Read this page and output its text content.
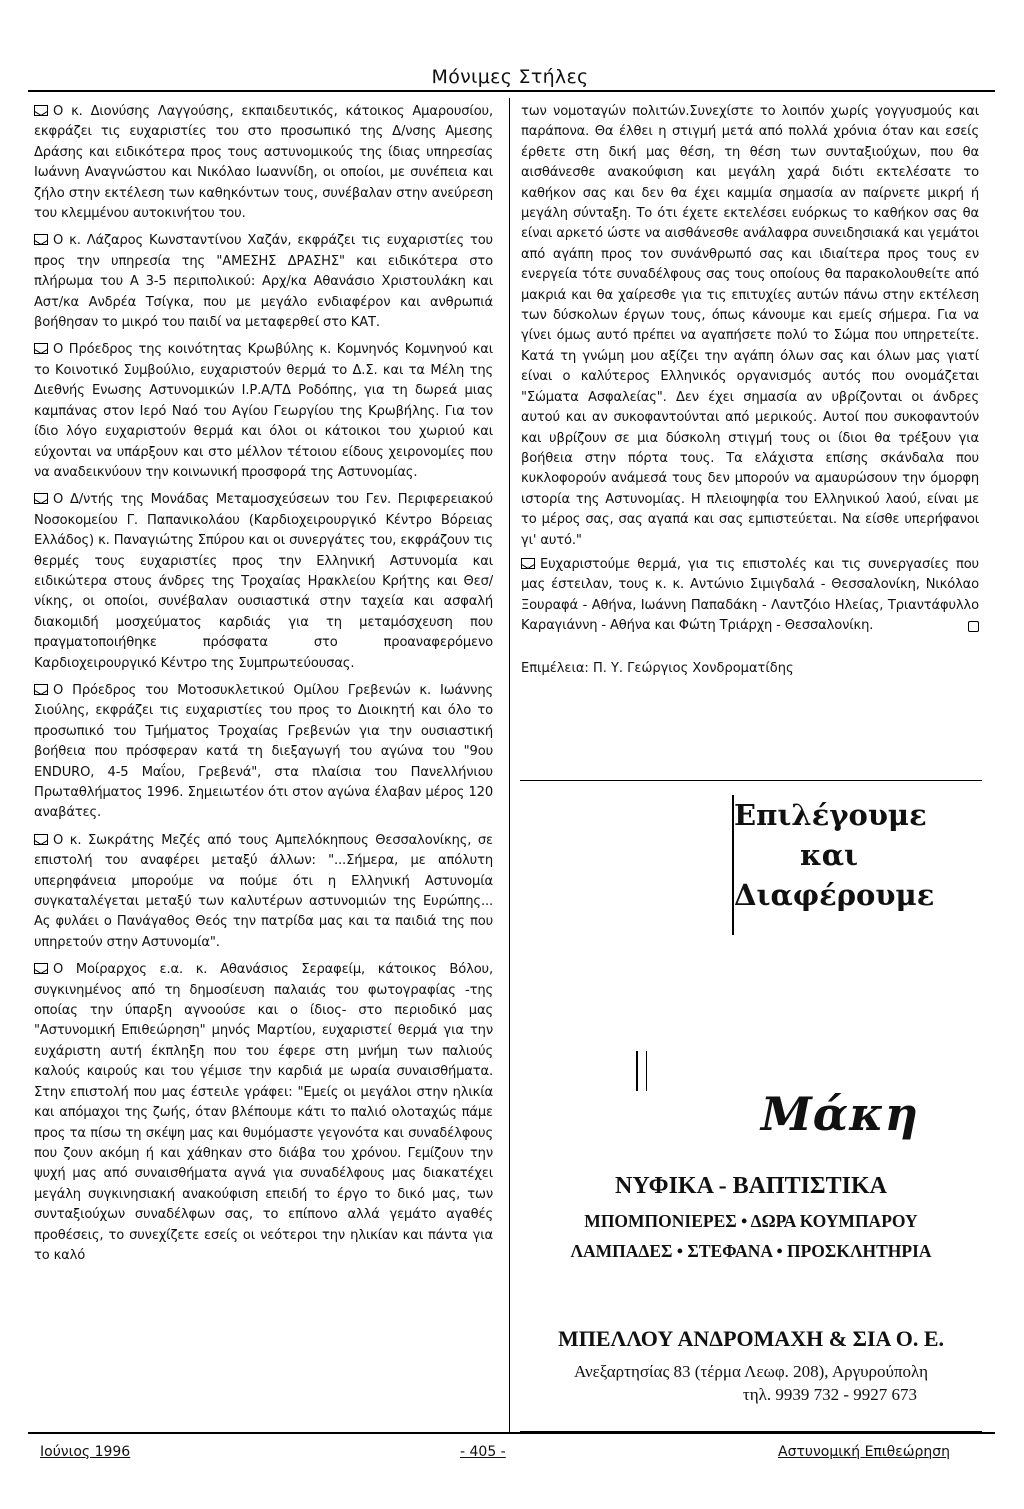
Μόνιμες Στήλες

Ο κ. Διονύσης Λαγγούσης, εκπαιδευτικός, κάτοικος Αμαρουσίου, εκφράζει τις ευχαριστίες του στο προσωπικό της Δ/νσης Αμεσης Δράσης και ειδικότερα προς τους αστυνομικούς της ίδιας υπηρεσίας Ιωάννη Αναγνώστου και Νικόλαο Ιωαννίδη, οι οποίοι, με συνέπεια και ζήλο στην εκτέλεση των καθηκόντων τους, συνέβαλαν στην ανεύρεση του κλεμμένου αυτοκινήτου του.

Ο κ. Λάζαρος Κωνσταντίνου Χαζάν, εκφράζει τις ευχαριστίες του προς την υπηρεσία της "ΑΜΕΣΗΣ ΔΡΑΣΗΣ" και ειδικότερα στο πλήρωμα του Α 3-5 περιπολικού: Αρχ/κα Αθανάσιο Χριστουλάκη και Αστ/κα Ανδρέα Τσίγκα, που με μεγάλο ενδιαφέρον και ανθρωπιά βοήθησαν το μικρό του παιδί να μεταφερθεί στο ΚΑΤ.

Ο Πρόεδρος της κοινότητας Κρωβύλης κ. Κομνηνός Κομνηνού και το Κοινοτικό Συμβούλιο, ευχαριστούν θερμά το Δ.Σ. και τα Μέλη της Διεθνής Ενωσης Αστυνομικών Ι.Ρ.Α/ΤΔ Ροδόπης, για τη δωρεά μιας καμπάνας στον Ιερό Ναό του Αγίου Γεωργίου της Κρωβήλης. Για τον ίδιο λόγο ευχαριστούν θερμά και όλοι οι κάτοικοι του χωριού και εύχονται να υπάρξουν και στο μέλλον τέτοιου είδους χειρονομίες που να αναδεικνύουν την κοινωνική προσφορά της Αστυνομίας.

Ο Δ/ντής της Μονάδας Μεταμοσχεύσεων του Γεν. Περιφερειακού Νοσοκομείου Γ. Παπανικολάου (Καρδιοχειρουργικό Κέντρο Βόρειας Ελλάδος) κ. Παναγιώτης Σπύρου και οι συνεργάτες του, εκφράζουν τις θερμές τους ευχαριστίες προς την Ελληνική Αστυνομία και ειδικώτερα στους άνδρες της Τροχαίας Ηρακλείου Κρήτης και Θεσ/νίκης, οι οποίοι, συνέβαλαν ουσιαστικά στην ταχεία και ασφαλή διακομιδή μοσχεύματος καρδιάς για τη μεταμόσχευση που πραγματοποιήθηκε πρόσφατα στο προαναφερόμενο Καρδιοχειρουργικό Κέντρο της Συμπρωτεύουσας.

Ο Πρόεδρος του Μοτοσυκλετικού Ομίλου Γρεβενών κ. Ιωάννης Σιούλης, εκφράζει τις ευχαριστίες του προς το Διοικητή και όλο το προσωπικό του Τμήματος Τροχαίας Γρεβενών για την ουσιαστική βοήθεια που πρόσφεραν κατά τη διεξαγωγή του αγώνα του "9ου ENDURO, 4-5 Μαΐου, Γρεβενά", στα πλαίσια του Πανελλήνιου Πρωταθλήματος 1996. Σημειωτέον ότι στον αγώνα έλαβαν μέρος 120 αναβάτες.

Ο κ. Σωκράτης Μεζές από τους Αμπελόκηπους Θεσσαλονίκης, σε επιστολή του αναφέρει μεταξύ άλλων: "...Σήμερα, με απόλυτη υπερηφάνεια μπορούμε να πούμε ότι η Ελληνική Αστυνομία συγκαταλέγεται μεταξύ των καλυτέρων αστυνομιών της Ευρώπης... Ας φυλάει ο Πανάγαθος Θεός την πατρίδα μας και τα παιδιά της που υπηρετούν στην Αστυνομία".

Ο Μοίραρχος ε.α. κ. Αθανάσιος Σεραφείμ, κάτοικος Βόλου, συγκινημένος από τη δημοσίευση παλαιάς του φωτογραφίας -της οποίας την ύπαρξη αγνοούσε και ο ίδιος- στο περιοδικό μας "Αστυνομική Επιθεώρηση" μηνός Μαρτίου, ευχαριστεί θερμά για την ευχάριστη αυτή έκπληξη που του έφερε στη μνήμη των παλιούς καλούς καιρούς και του γέμισε την καρδιά με ωραία συναισθήματα. Στην επιστολή που μας έστειλε γράφει: "Εμείς οι μεγάλοι στην ηλικία και απόμαχοι της ζωής, όταν βλέπουμε κάτι το παλιό ολοταχώς πάμε προς τα πίσω τη σκέψη μας και θυμόμαστε γεγονότα και συναδέλφους που ζουν ακόμη ή και χάθηκαν στο διάβα του χρόνου. Γεμίζουν την ψυχή μας από συναισθήματα αγνά για συναδέλφους μας διακατέχει μεγάλη συγκινησιακή ανακούφιση επειδή το έργο το δικό μας, των συνταξιούχων συναδέλφων σας, το επίπονο αλλά γεμάτο αγαθές προθέσεις, το συνεχίζετε εσείς οι νεότεροι την ηλικίαν και πάντα για το καλό

των νομοταγών πολιτών.Συνεχίστε το λοιπόν χωρίς γογγυσμούς και παράπονα. Θα έλθει η στιγμή μετά από πολλά χρόνια όταν και εσείς έρθετε στη δική μας θέση, τη θέση των συνταξιούχων, που θα αισθάνεσθε ανακούφιση και μεγάλη χαρά διότι εκτελέσατε το καθήκον σας και δεν θα έχει καμμία σημασία αν παίρνετε μικρή ή μεγάλη σύνταξη. Το ότι έχετε εκτελέσει ευόρκως το καθήκον σας θα είναι αρκετό ώστε να αισθάνεσθε ανάλαφρα συνειδησιακά και γεμάτοι από αγάπη προς τον συνάνθρωπό σας και ιδιαίτερα προς τους εν ενεργεία τότε συναδέλφους σας τους οποίους θα παρακολουθείτε από μακριά και θα χαίρεσθε για τις επιτυχίες αυτών πάνω στην εκτέλεση των δύσκολων έργων τους, όπως κάνουμε και εμείς σήμερα. Για να γίνει όμως αυτό πρέπει να αγαπήσετε πολύ το Σώμα που υπηρετείτε. Κατά τη γνώμη μου αξίζει την αγάπη όλων σας και όλων μας γιατί είναι ο καλύτερος Ελληνικός οργανισμός αυτός που ονομάζεται "Σώματα Ασφαλείας". Δεν έχει σημασία αν υβρίζονται οι άνδρες αυτού και αν συκοφαντούνται από μερικούς. Αυτοί που συκοφαντούν και υβρίζουν σε μια δύσκολη στιγμή τους οι ίδιοι θα τρέξουν για βοήθεια στην πόρτα τους. Τα ελάχιστα επίσης σκάνδαλα που κυκλοφορούν ανάμεσά τους δεν μπορούν να αμαυρώσουν την όμορφη ιστορία της Αστυνομίας. Η πλειοψηφία του Ελληνικού λαού, είναι με το μέρος σας, σας αγαπά και σας εμπιστεύεται. Να είσθε υπερήφανοι γι' αυτό."

Ευχαριστούμε θερμά, για τις επιστολές και τις συνεργασίες που μας έστειλαν, τους κ. κ. Αντώνιο Σιμιγδαλά - Θεσσαλονίκη, Νικόλαο Ξουραφά - Αθήνα, Ιωάννη Παπαδάκη - Λαντζόιο Ηλείας, Τριαντάφυλλο Καραγιάννη - Αθήνα και Φώτη Τριάρχη - Θεσσαλονίκη.

Επιμέλεια: Π. Υ. Γεώργιος Χονδροματίδης
Επιλέγουμε
και
Διαφέρουμε
Μάκη
ΝΥΦΙΚΑ - ΒΑΠΤΙΣΤΙΚΑ
ΜΠΟΜΠΟΝΙΕΡΕΣ • ΔΩΡΑ ΚΟΥΜΠΑΡΟΥ
ΛΑΜΠΑΔΕΣ • ΣΤΕΦΑΝΑ • ΠΡΟΣΚΛΗΤΗΡΙΑ
ΜΠΕΛΛΟΥ ΑΝΔΡΟΜΑΧΗ & ΣΙΑ Ο. Ε.
Ανεξαρτησίας 83 (τέρμα Λεωφ. 208), Αργυρούπολη
τηλ. 9939 732 - 9927 673
Ιούνιος 1996	- 405 -	Αστυνομική Επιθεώρηση
